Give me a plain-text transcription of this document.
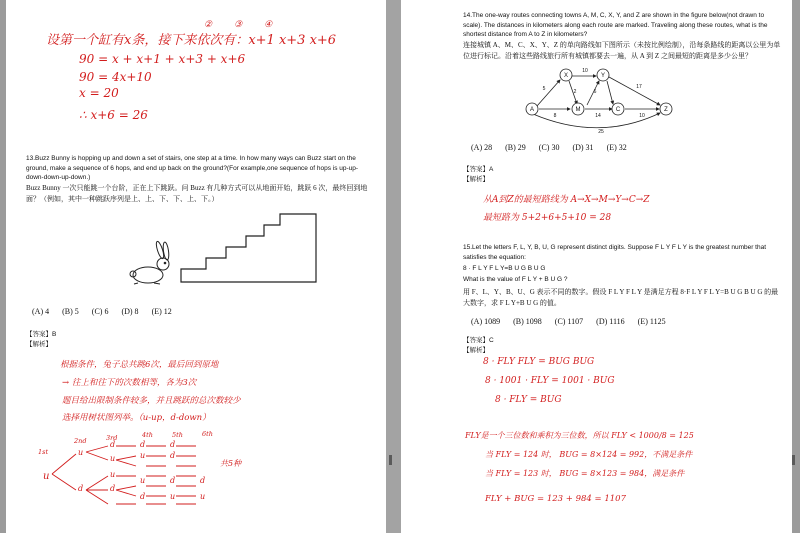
设第一个缸有x条，接下来依次有：x+1 x+3 x+6
②③④
90 = x + x+1 + x+3 + x+6
90 = 4x+10
x = 20
∴ x+6 = 26
13.Buzz Bunny is hopping up and down a set of stairs, one step at a time. In how many ways can Buzz start on the ground, make a sequence of 6 hops, and end up back on the ground?(For example,one sequence of hops is up-up-down-down-up-down.)
Buzz Bunny 一次只能跳一个台阶，正在上下跳跃。问 Buzz 有几种方式可以从地面开始，跳跃 6 次，最终回到地面？（例如，其中一种跳跃序列是上、上、下、下、上、下。）
(A) 4 (B) 5 (C) 6 (D) 8 (E) 12
【答案】B
【解析】
根据条件，兔子总共跳6次，最后回到原地
→ 往上和往下的次数相等，各为3次
题目给出限制条件较多，并且跳跃的总次数较少
选择用树状图列举。（u-up，d-down）
2nd	3rd	4th	5th	6th
1st
u
u
d
u
d	d
u	d
d
u
d
u	d
d	u
d
u
共5种
14.The one-way routes connecting towns A, M, C, X, Y, and Z are shown in the figure below(not drawn to scale). The distances in kilometers along each route are marked. Traveling along these routes, what is the shortest distance from A to Z in kilometers?
连接城镇 A、M、C、X、Y、Z 的单向路线如下图所示（未按比例绘制），沿每条路线的距离以公里为单位进行标记。沿着这些路线旅行所有城镇都要去一遍，从 A 到 Z 之间最短的距离是多少公里？
A
X	Y
M	C	Z
5
10
2	6
8	14	10
17
25
(A) 28 (B) 29 (C) 30 (D) 31 (E) 32
【答案】A
【解析】
从A到Z的最短路线为 A→X→M→Y→C→Z
最短路为 5+2+6+5+10 = 28
15.Let the letters F, L, Y, B, U, G represent distinct digits. Suppose F L Y F L Y is the greatest number that satisfies the equation:
8 · F L Y F L Y=B U G B U G
What is the value of F L Y + B U G ?
用 F、L、Y、B、U、G 表示不同的数字。假设 F L Y F L Y 是满足方程 8·F L Y F L Y=B U G B U G 的最大数字，求 F L Y+B U G 的值。
(A) 1089 (B) 1098 (C) 1107 (D) 1116 (E) 1125
【答案】C
【解析】
8 · FLY FLY = BUG BUG
8 · 1001 · FLY = 1001 · BUG
8 · FLY = BUG
FLY是一个三位数和乘积为三位数，所以 FLY < 1000/8 = 125
当 FLY = 124 时， BUG = 8×124 = 992，不满足条件
当 FLY = 123 时， BUG = 8×123 = 984，满足条件
FLY + BUG = 123 + 984 = 1107
